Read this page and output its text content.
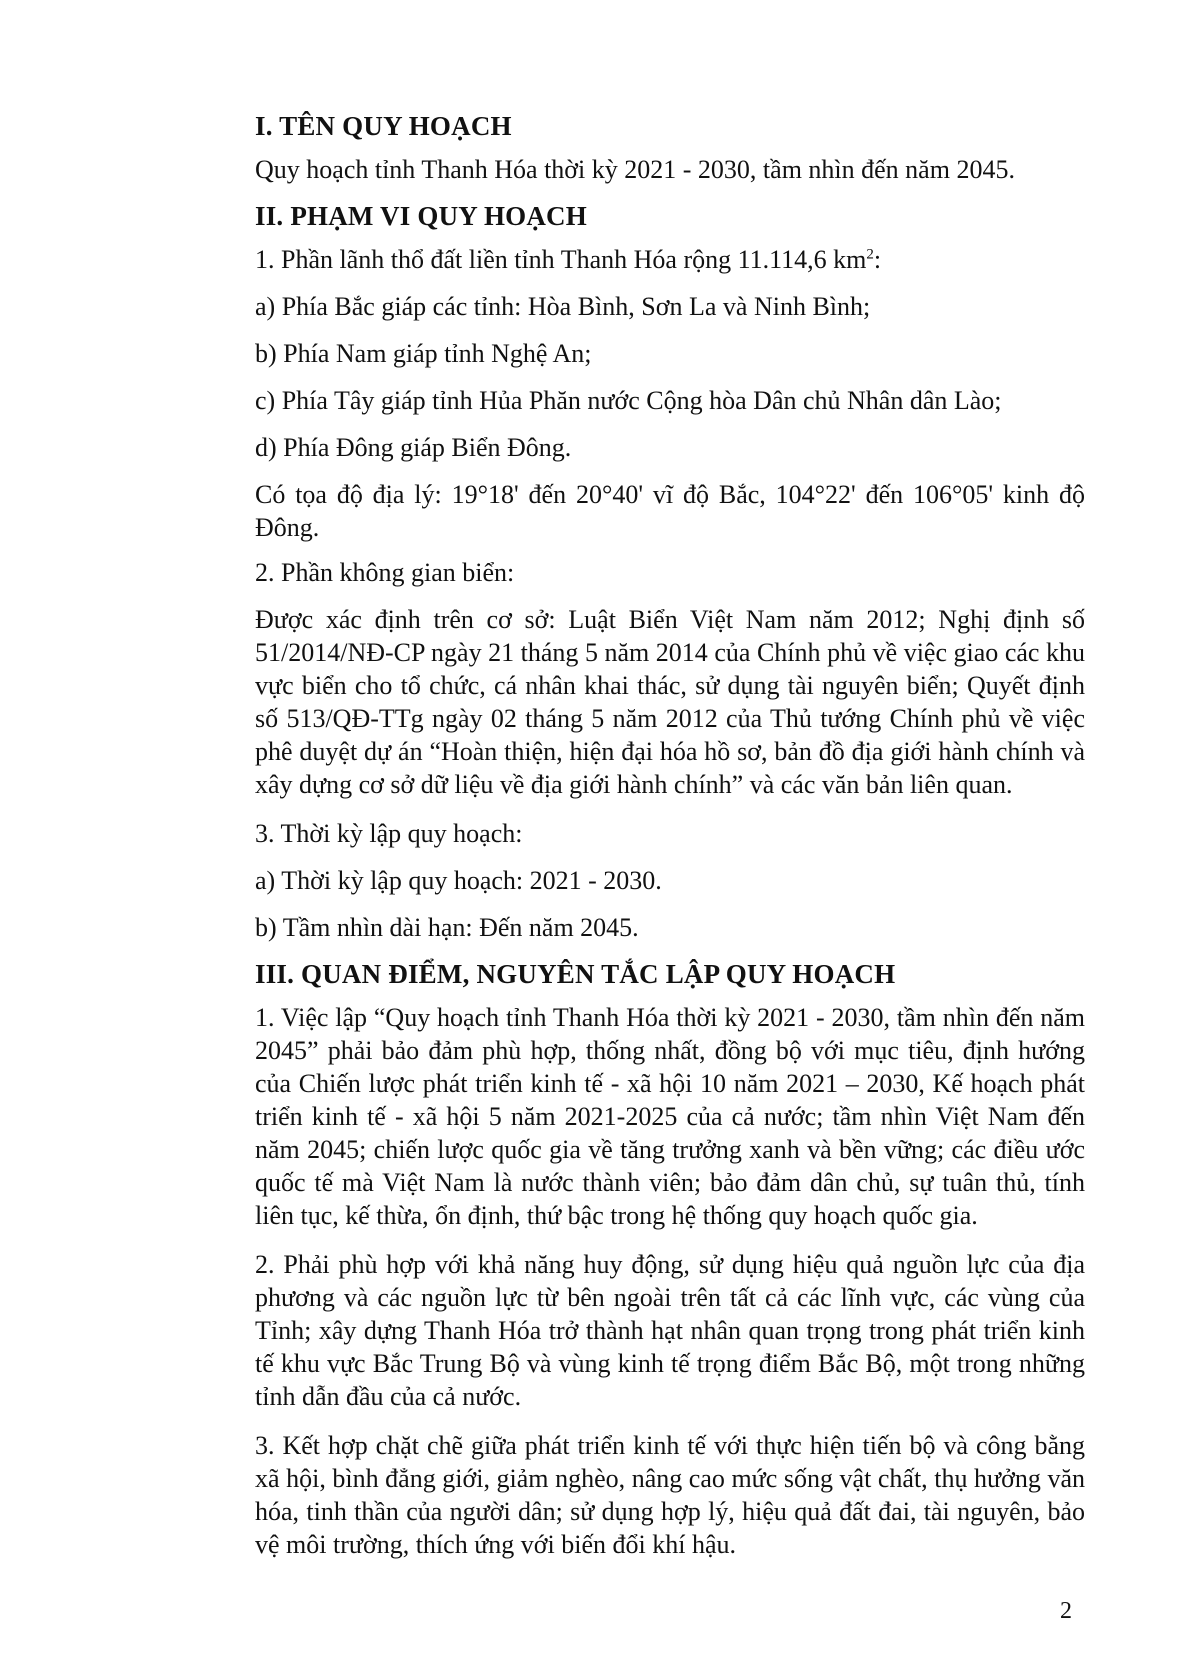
I. TÊN QUY HOẠCH

Quy hoạch tỉnh Thanh Hóa thời kỳ 2021 - 2030, tầm nhìn đến năm 2045.

II. PHẠM VI QUY HOẠCH

1. Phần lãnh thổ đất liền tỉnh Thanh Hóa rộng 11.114,6 $km^2$:

a) Phía Bắc giáp các tỉnh: Hòa Bình, Sơn La và Ninh Bình;

b) Phía Nam giáp tỉnh Nghệ An;

c) Phía Tây giáp tỉnh Hủa Phăn nước Cộng hòa Dân chủ Nhân dân Lào;

d) Phía Đông giáp Biển Đông.

Có tọa độ địa lý: 19°18' đến 20°40' vĩ độ Bắc, 104°22' đến 106°05' kinh độ Đông.

2. Phần không gian biển:

Được xác định trên cơ sở: Luật Biển Việt Nam năm 2012; Nghị định số 51/2014/NĐ-CP ngày 21 tháng 5 năm 2014 của Chính phủ về việc giao các khu vực biển cho tổ chức, cá nhân khai thác, sử dụng tài nguyên biển; Quyết định số 513/QĐ-TTg ngày 02 tháng 5 năm 2012 của Thủ tướng Chính phủ về việc phê duyệt dự án “Hoàn thiện, hiện đại hóa hồ sơ, bản đồ địa giới hành chính và xây dựng cơ sở dữ liệu về địa giới hành chính” và các văn bản liên quan.

3. Thời kỳ lập quy hoạch:

a) Thời kỳ lập quy hoạch: 2021 - 2030.

b) Tầm nhìn dài hạn: Đến năm 2045.

III. QUAN ĐIỂM, NGUYÊN TẮC LẬP QUY HOẠCH

1. Việc lập “Quy hoạch tỉnh Thanh Hóa thời kỳ 2021 - 2030, tầm nhìn đến năm 2045” phải bảo đảm phù hợp, thống nhất, đồng bộ với mục tiêu, định hướng của Chiến lược phát triển kinh tế - xã hội 10 năm 2021 – 2030, Kế hoạch phát triển kinh tế - xã hội 5 năm 2021-2025 của cả nước; tầm nhìn Việt Nam đến năm 2045; chiến lược quốc gia về tăng trưởng xanh và bền vững; các điều ước quốc tế mà Việt Nam là nước thành viên; bảo đảm dân chủ, sự tuân thủ, tính liên tục, kế thừa, ổn định, thứ bậc trong hệ thống quy hoạch quốc gia.

2. Phải phù hợp với khả năng huy động, sử dụng hiệu quả nguồn lực của địa phương và các nguồn lực từ bên ngoài trên tất cả các lĩnh vực, các vùng của Tỉnh; xây dựng Thanh Hóa trở thành hạt nhân quan trọng trong phát triển kinh tế khu vực Bắc Trung Bộ và vùng kinh tế trọng điểm Bắc Bộ, một trong những tỉnh dẫn đầu của cả nước.

3. Kết hợp chặt chẽ giữa phát triển kinh tế với thực hiện tiến bộ và công bằng xã hội, bình đẳng giới, giảm nghèo, nâng cao mức sống vật chất, thụ hưởng văn hóa, tinh thần của người dân; sử dụng hợp lý, hiệu quả đất đai, tài nguyên, bảo vệ môi trường, thích ứng với biến đổi khí hậu.

2
